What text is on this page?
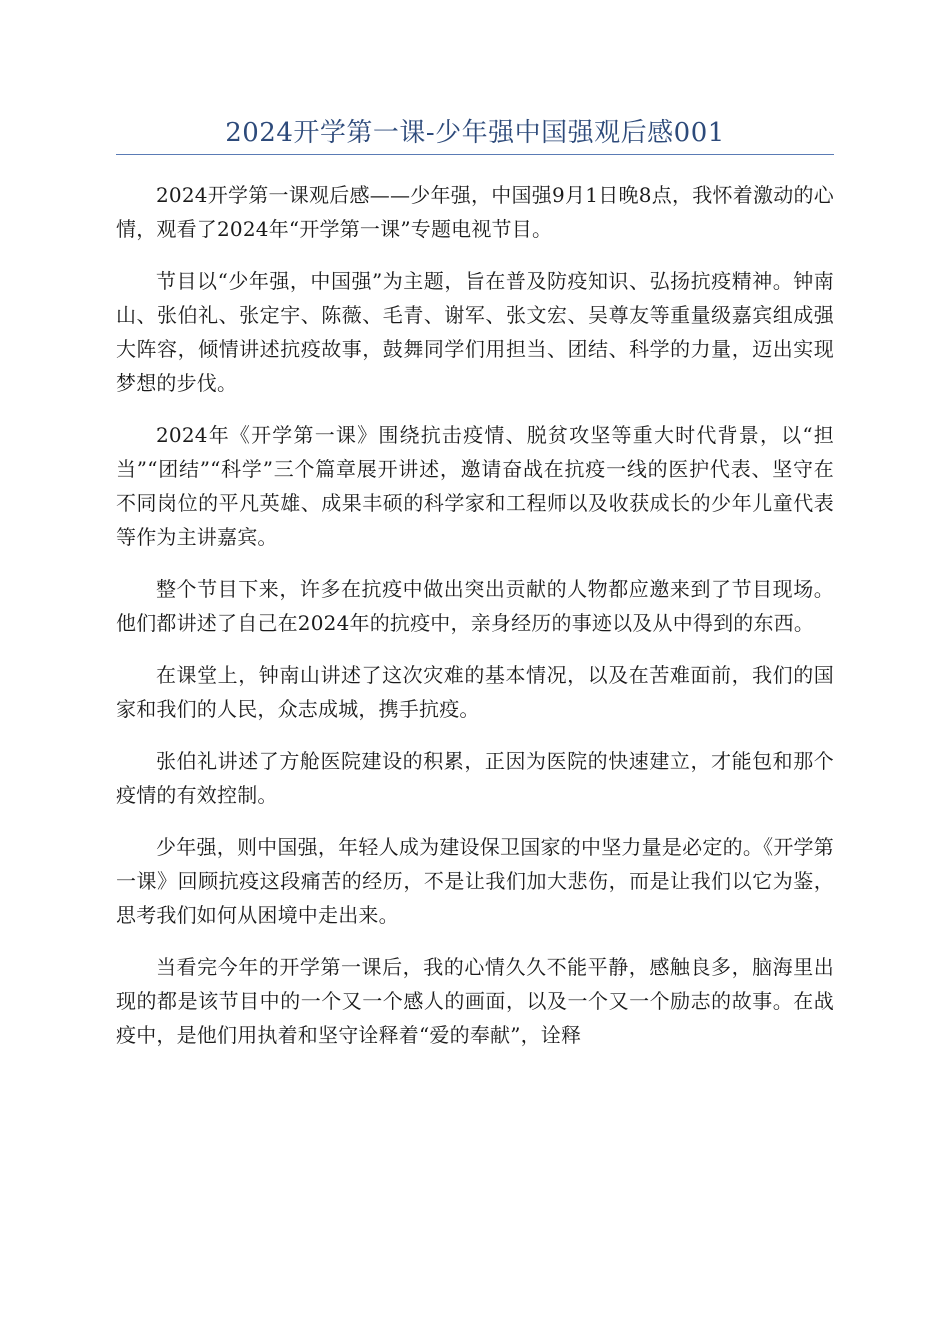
2024开学第一课-少年强中国强观后感001

2024开学第一课观后感——少年强，中国强9月1日晚8点，我怀着激动的心情，观看了2024年“开学第一课”专题电视节目。

节目以“少年强，中国强”为主题，旨在普及防疫知识、弘扬抗疫精神。钟南山、张伯礼、张定宇、陈薇、毛青、谢军、张文宏、吴尊友等重量级嘉宾组成强大阵容，倾情讲述抗疫故事，鼓舞同学们用担当、团结、科学的力量，迈出实现梦想的步伐。

2024年《开学第一课》围绕抗击疫情、脱贫攻坚等重大时代背景，以“担当”“团结”“科学”三个篇章展开讲述，邀请奋战在抗疫一线的医护代表、坚守在不同岗位的平凡英雄、成果丰硕的科学家和工程师以及收获成长的少年儿童代表等作为主讲嘉宾。

整个节目下来，许多在抗疫中做出突出贡献的人物都应邀来到了节目现场。他们都讲述了自己在2024年的抗疫中，亲身经历的事迹以及从中得到的东西。

在课堂上，钟南山讲述了这次灾难的基本情况，以及在苦难面前，我们的国家和我们的人民，众志成城，携手抗疫。

张伯礼讲述了方舱医院建设的积累，正因为医院的快速建立，才能包和那个疫情的有效控制。

少年强，则中国强，年轻人成为建设保卫国家的中坚力量是必定的。《开学第一课》回顾抗疫这段痛苦的经历，不是让我们加大悲伤，而是让我们以它为鉴，思考我们如何从困境中走出来。

当看完今年的开学第一课后，我的心情久久不能平静，感触良多，脑海里出现的都是该节目中的一个又一个感人的画面，以及一个又一个励志的故事。在战疫中，是他们用执着和坚守诠释着“爱的奉献”，诠释
